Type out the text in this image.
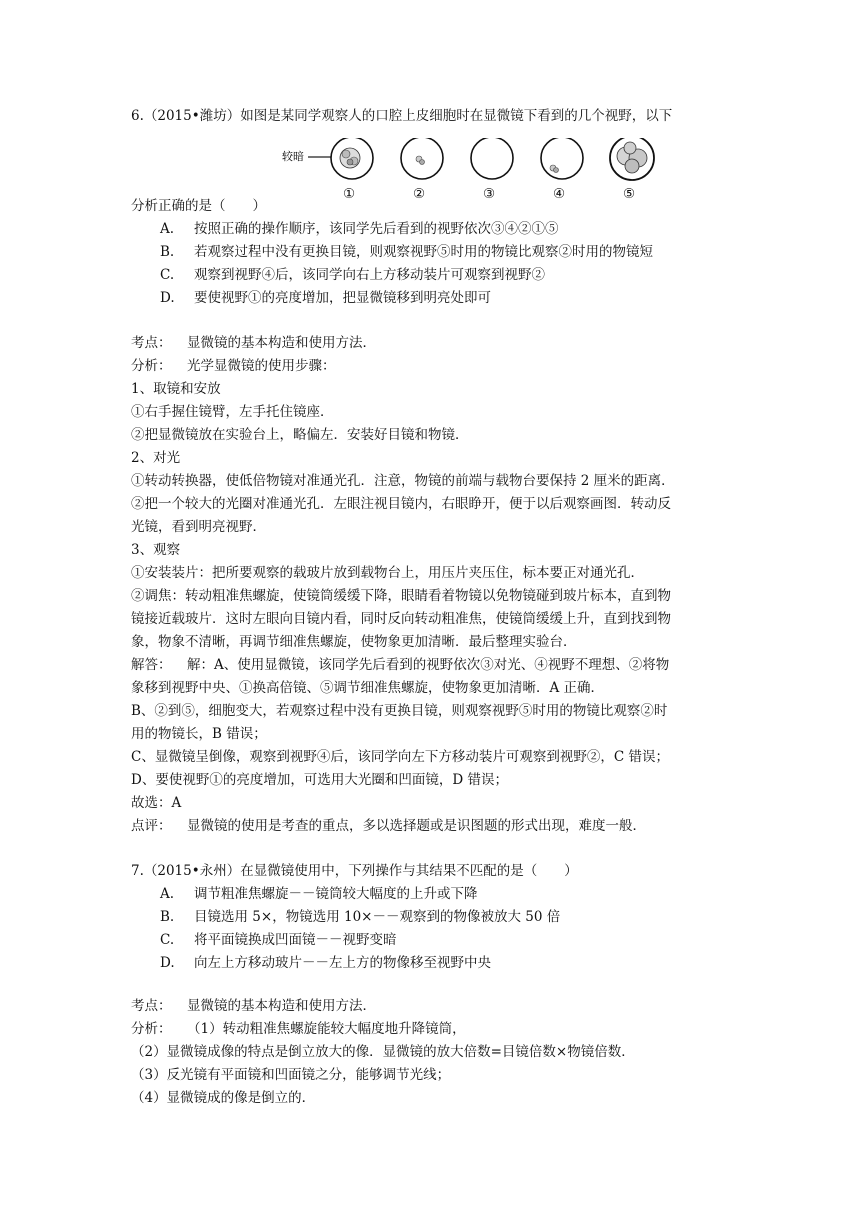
6.（2015•潍坊）如图是某同学观察人的口腔上皮细胞时在显微镜下看到的几个视野，以下
较暗
①	②	③	④	⑤
分析正确的是（　　）
A. 按照正确的操作顺序，该同学先后看到的视野依次③④②①⑤
B. 若观察过程中没有更换目镜，则观察视野⑤时用的物镜比观察②时用的物镜短
C. 观察到视野④后，该同学向右上方移动装片可观察到视野②
D. 要使视野①的亮度增加，把显微镜移到明亮处即可
考点： 显微镜的基本构造和使用方法．
分析： 光学显微镜的使用步骤：
1、取镜和安放
①右手握住镜臂，左手托住镜座．
②把显微镜放在实验台上，略偏左．安装好目镜和物镜．
2、对光
①转动转换器，使低倍物镜对准通光孔．注意，物镜的前端与载物台要保持 2 厘米的距离．
②把一个较大的光圈对准通光孔．左眼注视目镜内，右眼睁开，便于以后观察画图．转动反
光镜，看到明亮视野．
3、观察
①安装装片：把所要观察的载玻片放到载物台上，用压片夹压住，标本要正对通光孔．
②调焦：转动粗准焦螺旋，使镜筒缓缓下降，眼睛看着物镜以免物镜碰到玻片标本，直到物
镜接近载玻片．这时左眼向目镜内看，同时反向转动粗准焦，使镜筒缓缓上升，直到找到物
象，物象不清晰，再调节细准焦螺旋，使物象更加清晰．最后整理实验台．
解答： 解：A、使用显微镜，该同学先后看到的视野依次③对光、④视野不理想、②将物
象移到视野中央、①换高倍镜、⑤调节细准焦螺旋，使物象更加清晰．A 正确．
B、②到⑤，细胞变大，若观察过程中没有更换目镜，则观察视野⑤时用的物镜比观察②时
用的物镜长，B 错误；
C、显微镜呈倒像，观察到视野④后，该同学向左下方移动装片可观察到视野②，C 错误；
D、要使视野①的亮度增加，可选用大光圈和凹面镜，D 错误；
故选：A
点评： 显微镜的使用是考查的重点，多以选择题或是识图题的形式出现，难度一般．
7.（2015•永州）在显微镜使用中，下列操作与其结果不匹配的是（　　）
A. 调节粗准焦螺旋－－镜筒较大幅度的上升或下降
B. 目镜选用 5×，物镜选用 10×－－观察到的物像被放大 50 倍
C. 将平面镜换成凹面镜－－视野变暗
D. 向左上方移动玻片－－左上方的物像移至视野中央
考点： 显微镜的基本构造和使用方法．
分析： （1）转动粗准焦螺旋能较大幅度地升降镜筒，
（2）显微镜成像的特点是倒立放大的像．显微镜的放大倍数=目镜倍数×物镜倍数．
（3）反光镜有平面镜和凹面镜之分，能够调节光线；
（4）显微镜成的像是倒立的．
